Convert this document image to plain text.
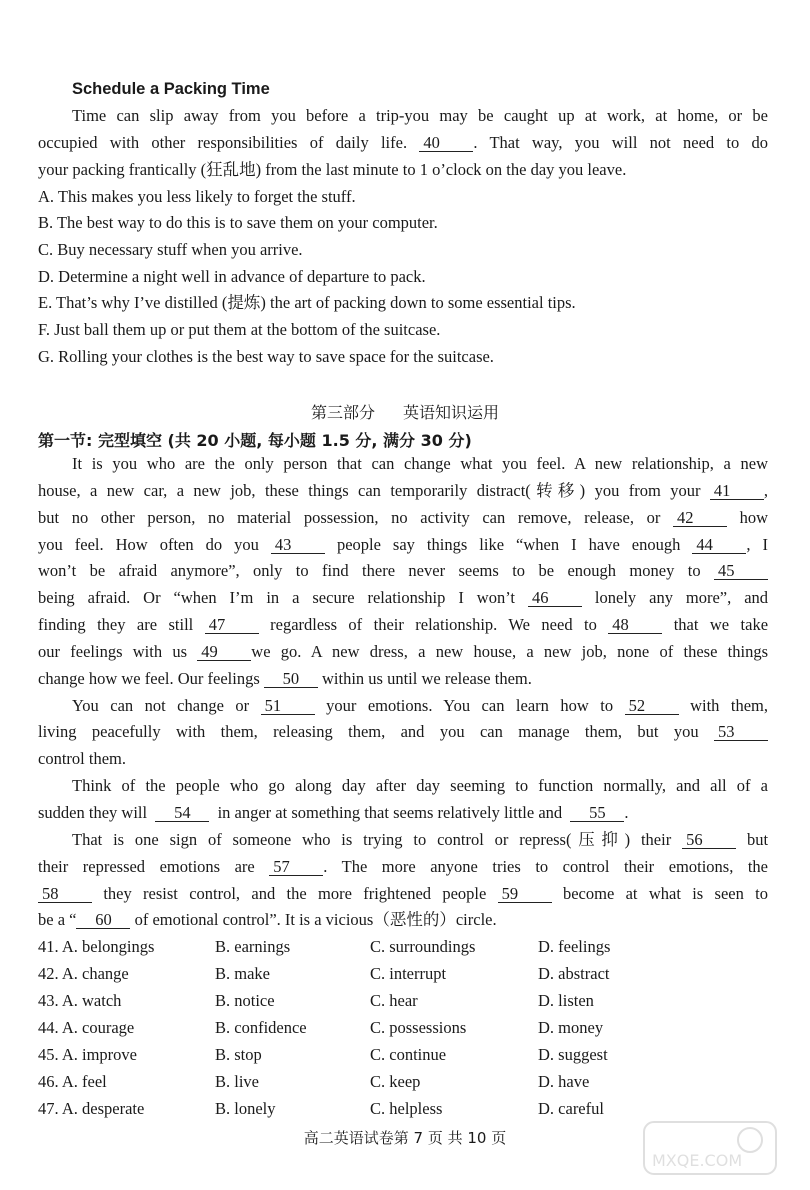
Schedule a Packing Time
Time can slip away from you before a trip-you may be caught up at work, at home, or be
occupied with other responsibilities of daily life. 40 . That way, you will not need to do
your packing frantically (狂乱地) from the last minute to 1 o’clock on the day you leave.
A. This makes you less likely to forget the stuff.
B. The best way to do this is to save them on your computer.
C. Buy necessary stuff when you arrive.
D. Determine a night well in advance of departure to pack.
E. That’s why I’ve distilled (提炼) the art of packing down to some essential tips.
F. Just ball them up or put them at the bottom of the suitcase.
G. Rolling your clothes is the best way to save space for the suitcase.
第三部分 英语知识运用
第一节: 完型填空 (共 20 小题, 每小题 1.5 分, 满分 30 分)
It is you who are the only person that can change what you feel. A new relationship, a new
house, a new car, a new job, these things can temporarily distract(转移) you from your 41 ,
but no other person, no material possession, no activity can remove, release, or 42	how
you feel. How often do you 43	people say things like “when I have enough 44 , I
won’t be afraid anymore”, only to find there never seems to be enough money to 45
being afraid. Or “when I’m in a secure relationship I won’t 46	lonely any more”, and
finding they are still 47	regardless of their relationship. We need to 48	that we take
our feelings with us 49 we go. A new dress, a new house, a new job, none of these things
change how we feel. Our feelings 50 within us until we release them.
You can not change or 51	your emotions. You can learn how to 52	with them,
living peacefully with them, releasing them, and you can manage them, but you 53
control them.
Think of the people who go along day after day seeming to function normally, and all of a
sudden they will 54 in anger at something that seems relatively little and 55 .
That is one sign of someone who is trying to control or repress(压抑) their 56	but
their repressed emotions are 57 . The more anyone tries to control their emotions, the
58	they resist control, and the more frightened people 59	become at what is seen to
be a “ 60 of emotional control”. It is a vicious（恶性的）circle.
41. A. belongings	B. earnings	C. surroundings	D. feelings
42. A. change	B. make	C. interrupt	D. abstract
43. A. watch	B. notice	C. hear	D. listen
44. A. courage	B. confidence	C. possessions	D. money
45. A. improve	B. stop	C. continue	D. suggest
46. A. feel	B. live	C. keep	D. have
47. A. desperate	B. lonely	C. helpless	D. careful
高二英语试卷第 7 页 共 10 页
MXQE.COM
